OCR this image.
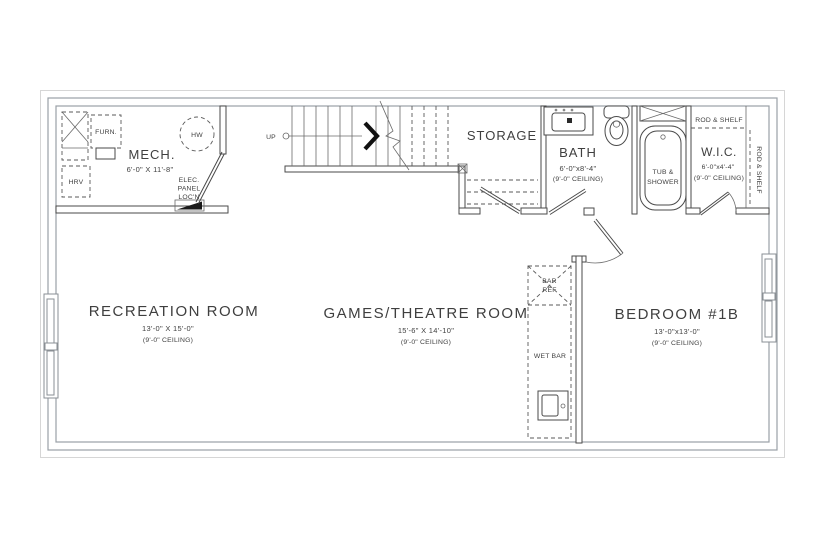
UP
FURN.
HRV
HW
ELEC.
PANEL
LOC'N
BAR
REF
WET BAR
MECH.
6'-0" X 11'-8"
STORAGE
BATH
6'-0"x8'-4"
(9'-0" CEILING)
TUB &
SHOWER
W.I.C.
6'-0"x4'-4"
(9'-0" CEILING)
ROD & SHELF
ROD & SHELF
RECREATION ROOM
13'-0" X 15'-0"
(9'-0" CEILING)
GAMES/THEATRE ROOM
15'-6" X 14'-10"
(9'-0" CEILING)
BEDROOM #1B
13'-0"x13'-0"
(9'-0" CEILING)
